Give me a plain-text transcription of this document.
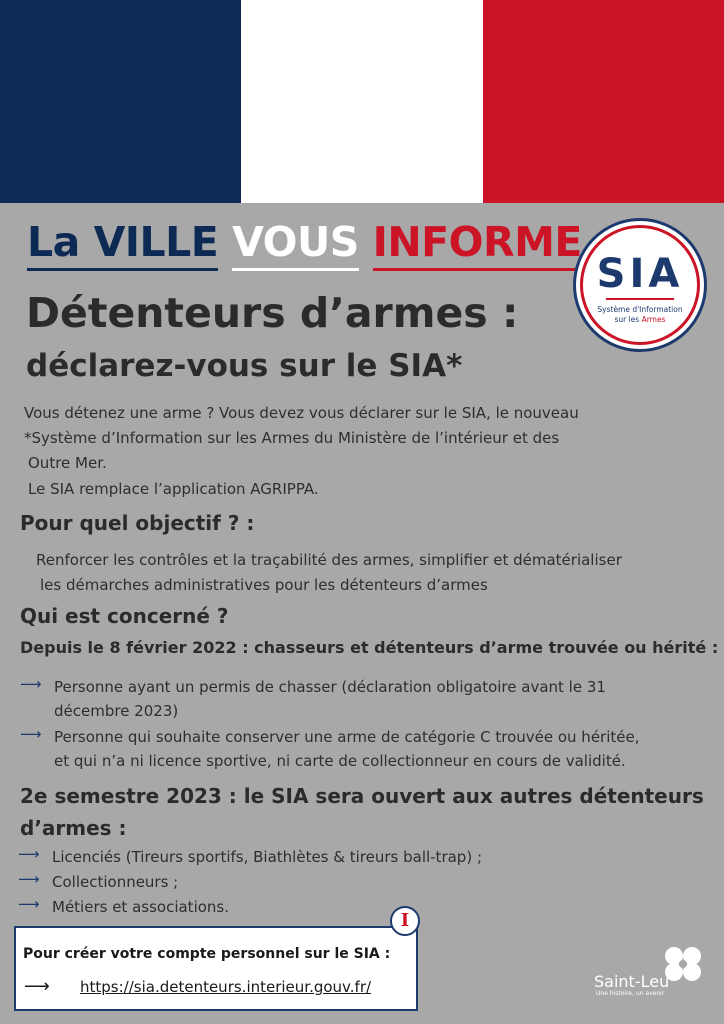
La VILLE VOUS INFORME
SIA
Système d'Information
sur les Armes
Détenteurs d’armes :
déclarez-vous sur le SIA*
Vous détenez une arme ? Vous devez vous déclarer sur le SIA, le nouveau
*Système d’Information sur les Armes du Ministère de l’intérieur et des
Outre Mer.
Le SIA remplace l’application AGRIPPA.
Pour quel objectif ? :
Renforcer les contrôles et la traçabilité des armes, simplifier et dématérialiser
les démarches administratives pour les détenteurs d’armes
Qui est concerné ?
Depuis le 8 février 2022 : chasseurs et détenteurs d’arme trouvée ou hérité :
⟶ Personne ayant un permis de chasser (déclaration obligatoire avant le 31
décembre 2023)
⟶ Personne qui souhaite conserver une arme de catégorie C trouvée ou héritée,
et qui n’a ni licence sportive, ni carte de collectionneur en cours de validité.
2e semestre 2023 : le SIA sera ouvert aux autres détenteurs
d’armes :
⟶ Licenciés (Tireurs sportifs, Biathlètes & tireurs ball-trap) ;
⟶ Collectionneurs ;
⟶ Métiers et associations.
Pour créer votre compte personnel sur le SIA :
⟶ https://sia.detenteurs.interieur.gouv.fr/
I
Saint-Leu
Une histoire, un avenir
